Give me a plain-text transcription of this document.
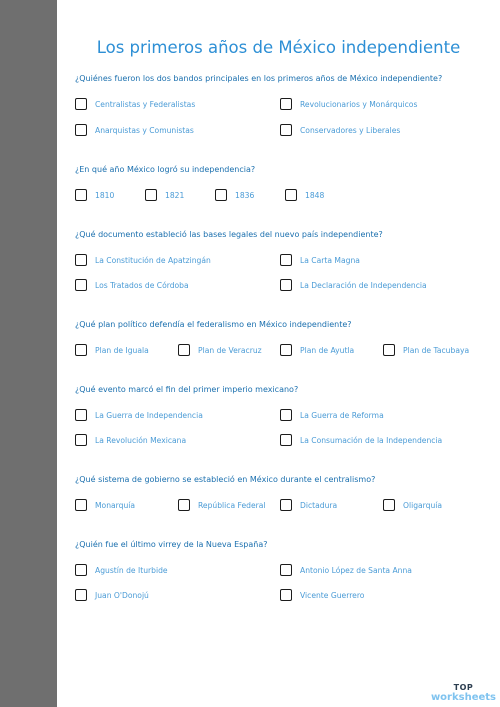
Los primeros años de México independiente
¿Quiénes fueron los dos bandos principales en los primeros años de México independiente?
Centralistas y Federalistas	Revolucionarios y Monárquicos
Anarquistas y Comunistas	Conservadores y Liberales
¿En qué año México logró su independencia?
1810	1821	1836	1848
¿Qué documento estableció las bases legales del nuevo país independiente?
La Constitución de Apatzingán	La Carta Magna
Los Tratados de Córdoba	La Declaración de Independencia
¿Qué plan político defendía el federalismo en México independiente?
Plan de Iguala	Plan de Veracruz	Plan de Ayutla	Plan de Tacubaya
¿Qué evento marcó el fin del primer imperio mexicano?
La Guerra de Independencia	La Guerra de Reforma
La Revolución Mexicana	La Consumación de la Independencia
¿Qué sistema de gobierno se estableció en México durante el centralismo?
Monarquía	República Federal	Dictadura	Oligarquía
¿Quién fue el último virrey de la Nueva España?
Agustín de Iturbide	Antonio López de Santa Anna
Juan O'Donojú	Vicente Guerrero
TOP
worksheets
